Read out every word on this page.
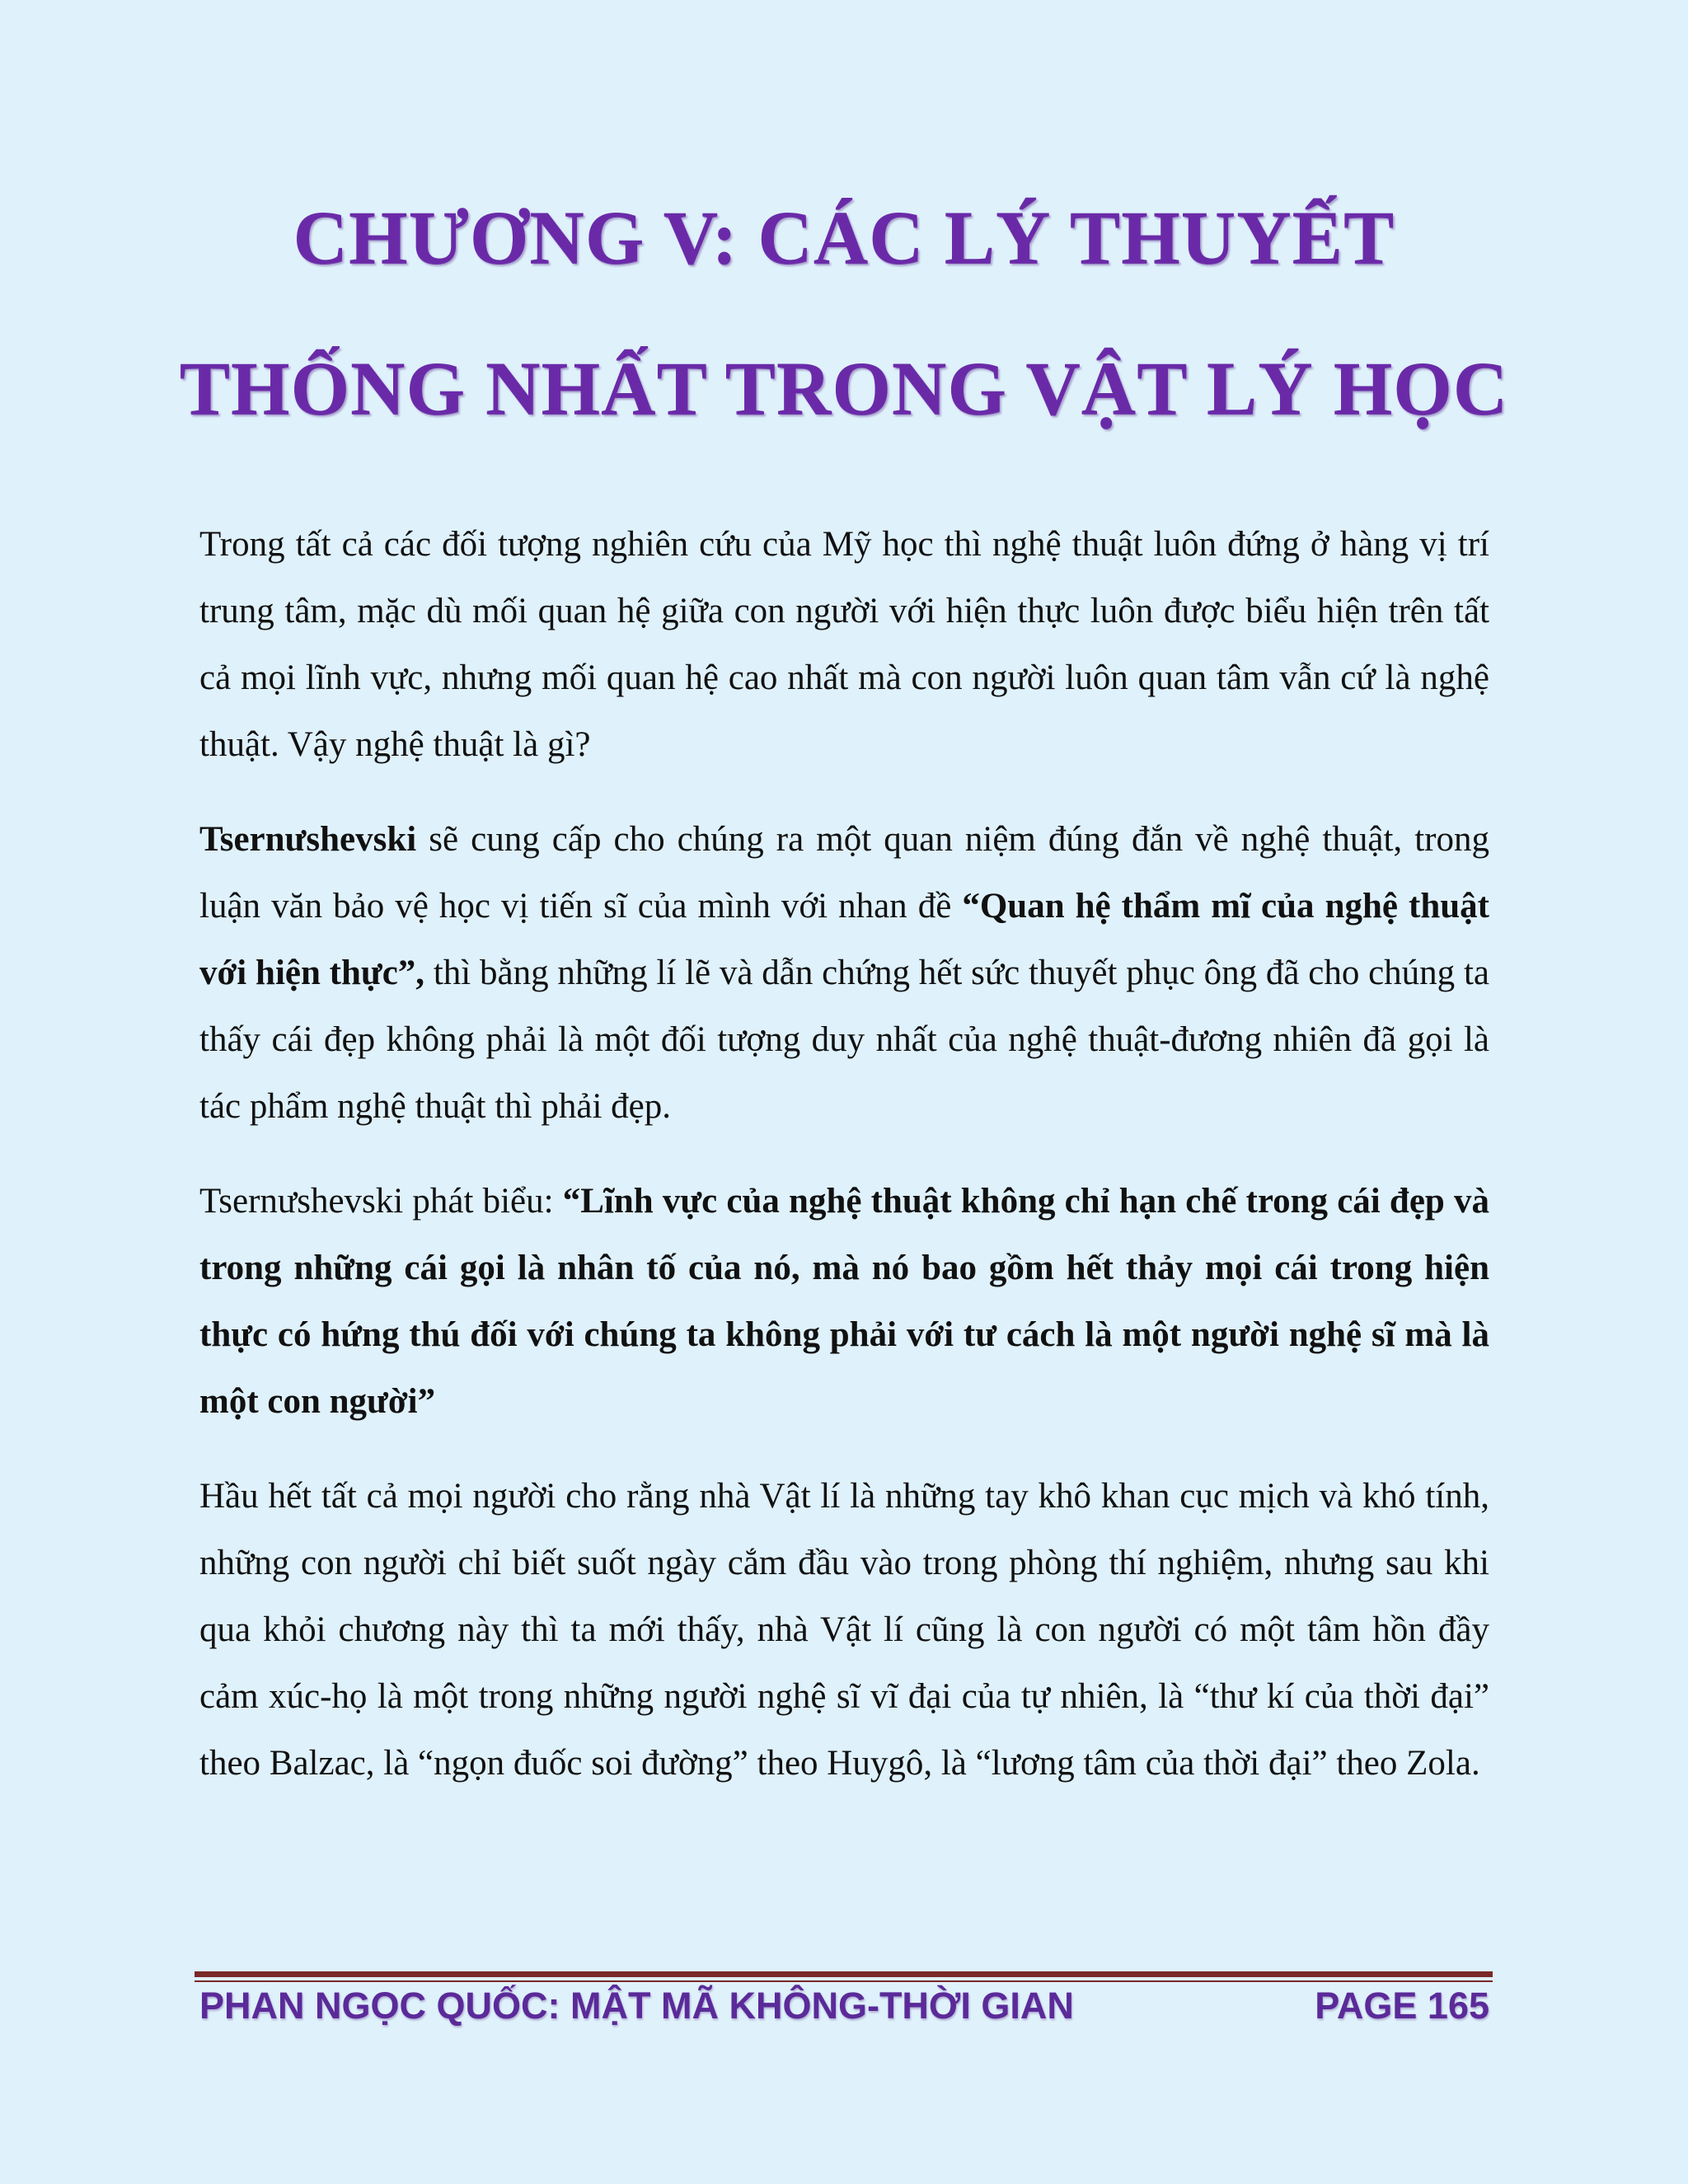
CHƯƠNG V: CÁC LÝ THUYẾT
THỐNG NHẤT TRONG VẬT LÝ HỌC

Trong tất cả các đối tượng nghiên cứu của Mỹ học thì nghệ thuật luôn đứng ở hàng vị trí trung tâm, mặc dù mối quan hệ giữa con người với hiện thực luôn được biểu hiện trên tất cả mọi lĩnh vực, nhưng mối quan hệ cao nhất mà con người luôn quan tâm vẫn cứ là nghệ thuật. Vậy nghệ thuật là gì?

Tsernưshevski sẽ cung cấp cho chúng ra một quan niệm đúng đắn về nghệ thuật, trong luận văn bảo vệ học vị tiến sĩ của mình với nhan đề “Quan hệ thẩm mĩ của nghệ thuật với hiện thực”, thì bằng những lí lẽ và dẫn chứng hết sức thuyết phục ông đã cho chúng ta thấy cái đẹp không phải là một đối tượng duy nhất của nghệ thuật-đương nhiên đã gọi là tác phẩm nghệ thuật thì phải đẹp.

Tsernưshevski phát biểu: “Lĩnh vực của nghệ thuật không chỉ hạn chế trong cái đẹp và trong những cái gọi là nhân tố của nó, mà nó bao gồm hết thảy mọi cái trong hiện thực có hứng thú đối với chúng ta không phải với tư cách là một người nghệ sĩ mà là một con người”

Hầu hết tất cả mọi người cho rằng nhà Vật lí là những tay khô khan cục mịch và khó tính, những con người chỉ biết suốt ngày cắm đầu vào trong phòng thí nghiệm, nhưng sau khi qua khỏi chương này thì ta mới thấy, nhà Vật lí cũng là con người có một tâm hồn đầy cảm xúc-họ là một trong những người nghệ sĩ vĩ đại của tự nhiên, là “thư kí của thời đại” theo Balzac, là “ngọn đuốc soi đường” theo Huygô, là “lương tâm của thời đại” theo Zola.

PHAN NGỌC QUỐC: MẬT MÃ KHÔNG-THỜI GIAN	PAGE 165
